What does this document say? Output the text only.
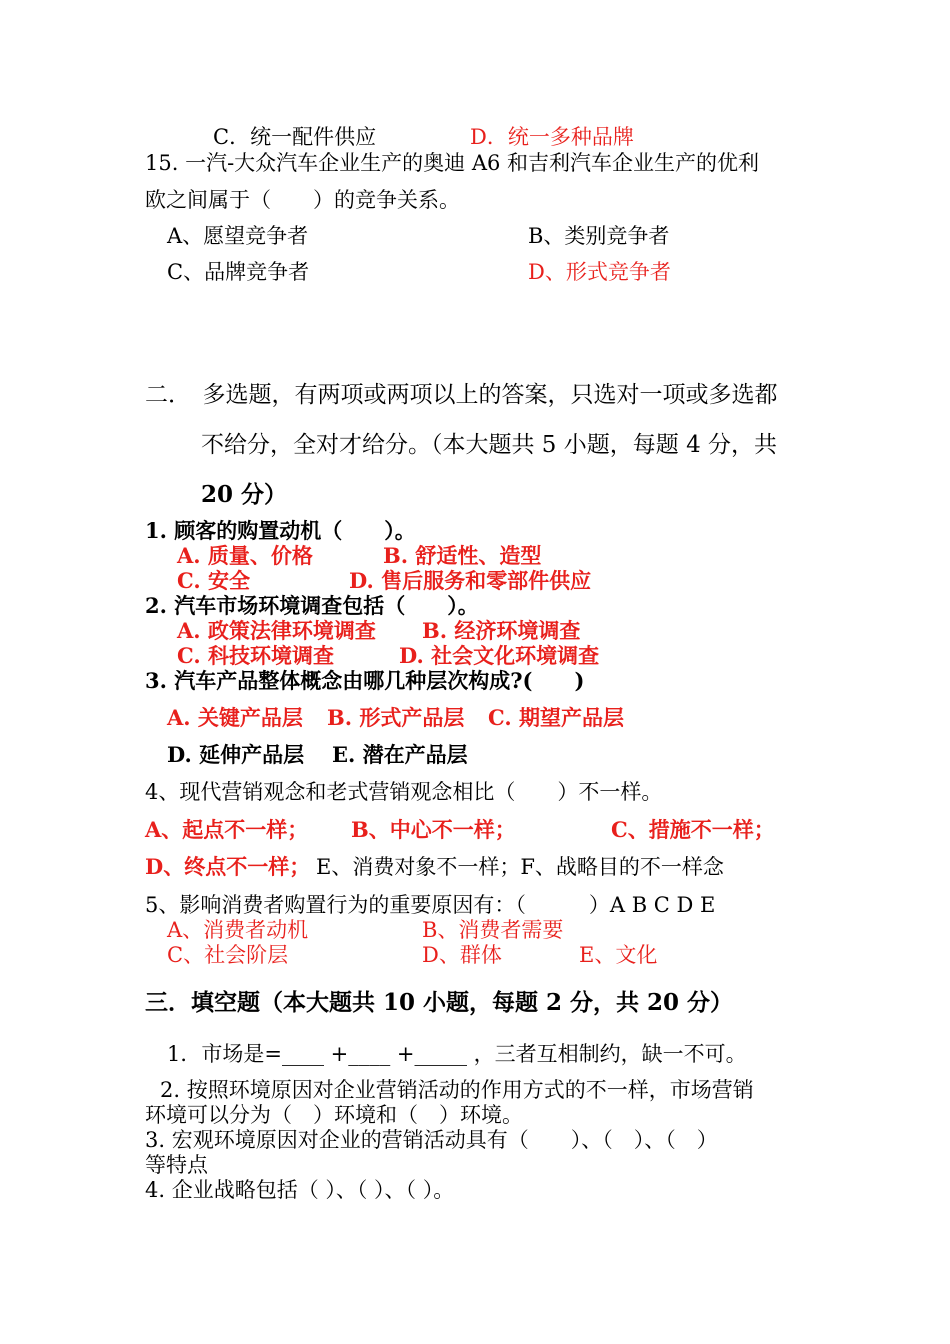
C．统一配件供应	D．统一多种品牌
15. 一汽-大众汽车企业生产的奥迪 A6 和吉利汽车企业生产的优利
欧之间属于（　　）的竞争关系。
A、愿望竞争者	B、类别竞争者
C、品牌竞争者	D、形式竞争者
二．　多选题，有两项或两项以上的答案，只选对一项或多选都
不给分，全对才给分。（本大题共 5 小题，每题 4 分，共
20 分）
1. 顾客的购置动机（　　）。
A. 质量、价格	B. 舒适性、造型
C. 安全	D. 售后服务和零部件供应
2. 汽车市场环境调查包括（　　）。
A. 政策法律环境调查 B. 经济环境调查
C. 科技环境调查	D. 社会文化环境调查
3. 汽车产品整体概念由哪几种层次构成?(　　)
A. 关键产品层 B. 形式产品层 C. 期望产品层
D. 延伸产品层 E. 潜在产品层
4、现代营销观念和老式营销观念相比（　　）不一样。
A、起点不一样； B、中心不一样；	C、措施不一样；
D、终点不一样； E、消费对象不一样；F、战略目的不一样念
5、影响消费者购置行为的重要原因有：（　　　）A B C D E
A、消费者动机	B、消费者需要
C、社会阶层	D、群体	E、文化
三．填空题（本大题共 10 小题，每题 2 分，共 20 分）
1．市场是=____ +____ +_____ ，三者互相制约，缺一不可。
2. 按照环境原因对企业营销活动的作用方式的不一样，市场营销
环境可以分为（　）环境和（　）环境。
3. 宏观环境原因对企业的营销活动具有（　　）、（　）、（　）
等特点
4. 企业战略包括（ ）、（ ）、（ ）。
